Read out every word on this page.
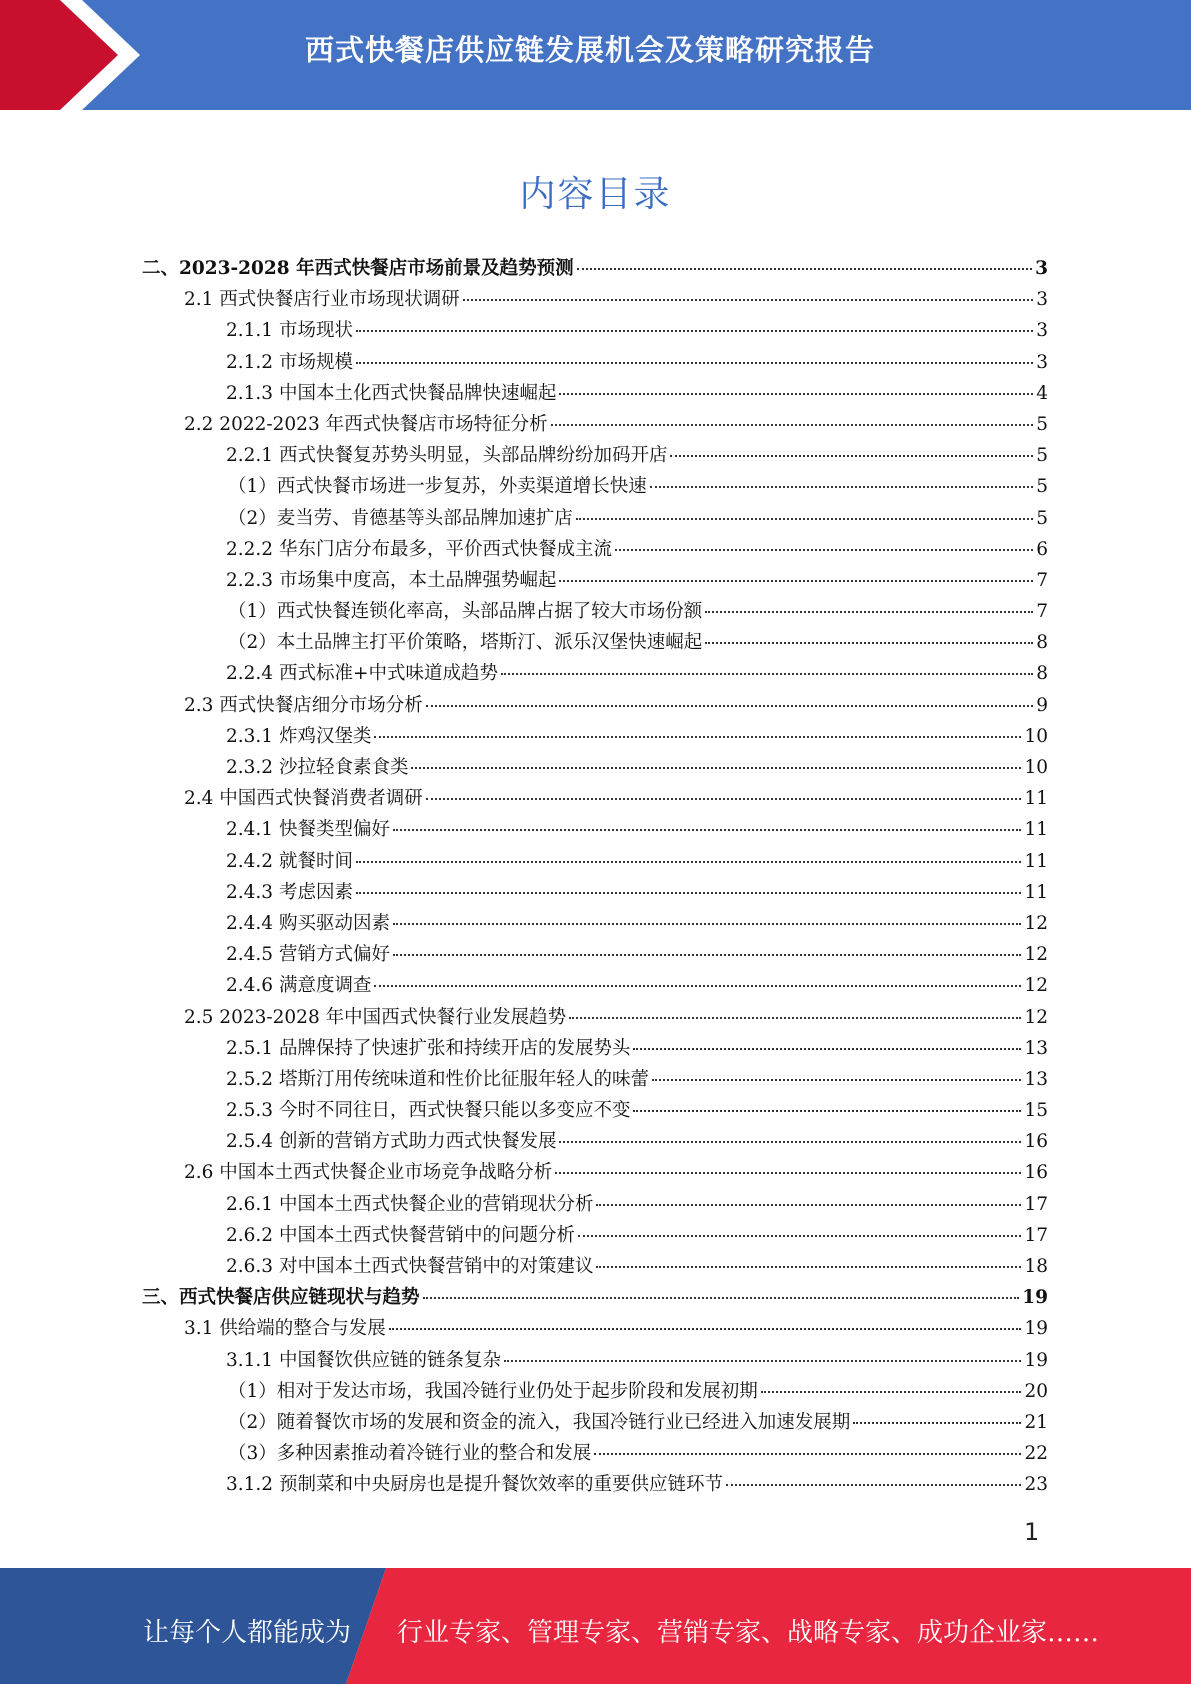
西式快餐店供应链发展机会及策略研究报告
内容目录
二、2023-2028 年西式快餐店市场前景及趋势预测	3
2.1 西式快餐店行业市场现状调研	3
2.1.1 市场现状	3
2.1.2 市场规模	3
2.1.3 中国本土化西式快餐品牌快速崛起	4
2.2 2022-2023 年西式快餐店市场特征分析	5
2.2.1 西式快餐复苏势头明显，头部品牌纷纷加码开店	5
（1）西式快餐市场进一步复苏，外卖渠道增长快速	5
（2）麦当劳、肯德基等头部品牌加速扩店	5
2.2.2 华东门店分布最多，平价西式快餐成主流	6
2.2.3 市场集中度高，本土品牌强势崛起	7
（1）西式快餐连锁化率高，头部品牌占据了较大市场份额	7
（2）本土品牌主打平价策略，塔斯汀、派乐汉堡快速崛起	8
2.2.4 西式标准+中式味道成趋势	8
2.3 西式快餐店细分市场分析	9
2.3.1 炸鸡汉堡类	10
2.3.2 沙拉轻食素食类	10
2.4 中国西式快餐消费者调研	11
2.4.1 快餐类型偏好	11
2.4.2 就餐时间	11
2.4.3 考虑因素	11
2.4.4 购买驱动因素	12
2.4.5 营销方式偏好	12
2.4.6 满意度调查	12
2.5 2023-2028 年中国西式快餐行业发展趋势	12
2.5.1 品牌保持了快速扩张和持续开店的发展势头	13
2.5.2 塔斯汀用传统味道和性价比征服年轻人的味蕾	13
2.5.3 今时不同往日，西式快餐只能以多变应不变	15
2.5.4 创新的营销方式助力西式快餐发展	16
2.6 中国本土西式快餐企业市场竞争战略分析	16
2.6.1 中国本土西式快餐企业的营销现状分析	17
2.6.2 中国本土西式快餐营销中的问题分析	17
2.6.3 对中国本土西式快餐营销中的对策建议	18
三、西式快餐店供应链现状与趋势	19
3.1 供给端的整合与发展	19
3.1.1 中国餐饮供应链的链条复杂	19
（1）相对于发达市场，我国冷链行业仍处于起步阶段和发展初期	20
（2）随着餐饮市场的发展和资金的流入，我国冷链行业已经进入加速发展期	21
（3）多种因素推动着冷链行业的整合和发展	22
3.1.2 预制菜和中央厨房也是提升餐饮效率的重要供应链环节	23
1
让每个人都能成为 行业专家、管理专家、营销专家、战略专家、成功企业家……
